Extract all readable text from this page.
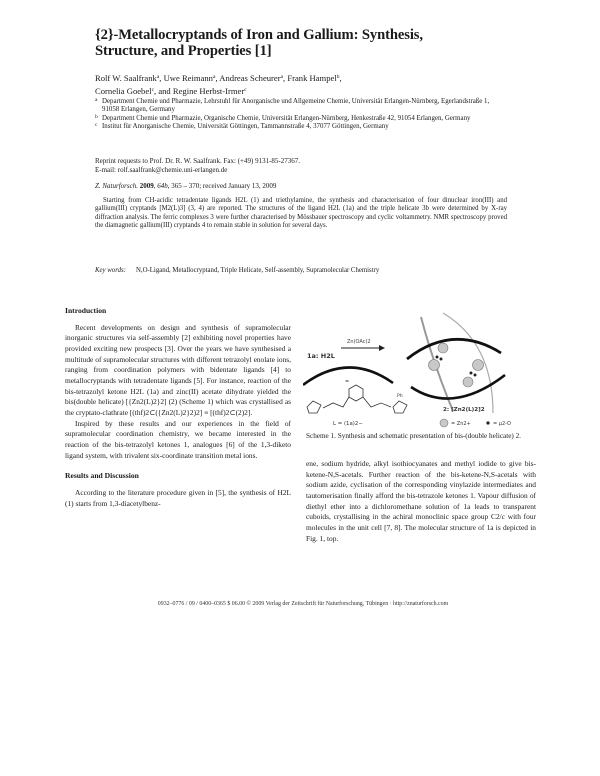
{2}-Metallocryptands of Iron and Gallium: Synthesis, Structure, and Properties [1]
Rolf W. Saalfrank$^a$, Uwe Reimann$^a$, Andreas Scheurer$^a$, Frank Hampel$^b$,
Cornelia Goebel$^c$, and Regine Herbst-Irmer$^c$
a Department Chemie und Pharmazie, Lehrstuhl für Anorganische und Allgemeine Chemie, Universität Erlangen-Nürnberg, Egerlandstraße 1, 91058 Erlangen, Germany
b Department Chemie und Pharmazie, Organische Chemie, Universität Erlangen-Nürnberg, Henkestraße 42, 91054 Erlangen, Germany
c Institut für Anorganische Chemie, Universität Göttingen, Tammannstraße 4, 37077 Göttingen, Germany
Reprint requests to Prof. Dr. R. W. Saalfrank. Fax: (+49) 9131-85-27367.
E-mail: rolf.saalfrank@chemie.uni-erlangen.de
Z. Naturforsch. 2009, 64b, 365 – 370; received January 13, 2009
Starting from CH-acidic tetradentate ligands H2L (1) and triethylamine, the synthesis and characterisation of four dinuclear iron(III) and gallium(III) cryptands [M2(L)3] (3, 4) are reported. The structures of the ligand H2L (1a) and the triple helicate 3b were determined by X-ray diffraction analysis. The ferric complexes 3 were further characterised by Mössbauer spectroscopy and cyclic voltammetry. NMR spectroscopy proved the diamagnetic gallium(III) cryptands 4 to remain stable in solution for several days.
Key words: N,O-Ligand, Metallocryptand, Triple Helicate, Self-assembly, Supramolecular Chemistry
Introduction

Recent developments on design and synthesis of supramolecular inorganic structures via self-assembly [2] exhibiting novel properties have provided exciting new prospects [3]. Over the years we have synthesised a multitude of supramolecular structures with different tetrazolyl enolate ions, ranging from coordination polymers with bidentate ligands [4] to metallocryptands with tetradentate ligands [5]. For instance, reaction of the bis-tetrazolyl ketone H2L (1a) and zinc(II) acetate dihydrate yielded the bis(double helicate) [{Zn2(L)2}2] (2) (Scheme 1) which was crystallised as the cryptato-clathrate [(thf)2⊂({Zn2(L)2}2)2] ≡ [(thf)2⊂(2)2].

Inspired by these results and our experiences in the field of supramolecular coordination chemistry, we became interested in the reaction of the bis-tetrazolyl ketones 1, analogues [6] of the 1,3-diketo ligand system, with trivalent six-coordinate transition metal ions.

Results and Discussion

According to the literature procedure given in [5], the synthesis of H2L (1) starts from 1,3-diacetylbenz-

1a: H2L
Zn(OAc)2
=
Ph
L = (1a)2−
2: [Zn2(L)2]2
= Zn2+	= μ2-O
Scheme 1. Synthesis and schematic presentation of bis-(double helicate) 2.

ene, sodium hydride, alkyl isothiocyanates and methyl iodide to give bis-ketene-N,S-acetals. Further reaction of the bis-ketene-N,S-acetals with sodium azide, cyclisation of the corresponding vinylazide intermediates and tautomerisation finally afford the bis-tetrazole ketones 1. Vapour diffusion of diethyl ether into a dichloromethane solution of 1a leads to transparent cuboids, crystallising in the achiral monoclinic space group C2/c with four molecules in the unit cell [7, 8]. The molecular structure of 1a is depicted in Fig. 1, top.

0932–0776 / 09 / 0400–0365 $ 06.00 © 2009 Verlag der Zeitschrift für Naturforschung, Tübingen · http://znaturforsch.com
